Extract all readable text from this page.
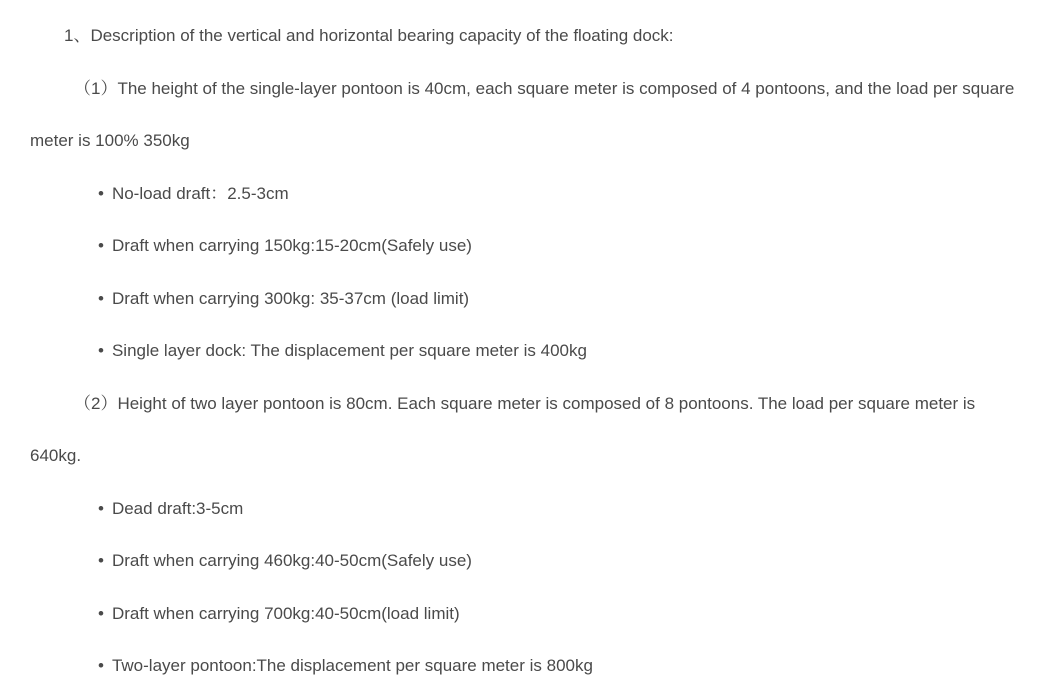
1、Description of the vertical and horizontal bearing capacity of the floating dock:
（1）The height of the single-layer pontoon is 40cm, each square meter is composed of 4 pontoons, and the load per square meter is 100% 350kg
• No-load draft：2.5-3cm
• Draft when carrying 150kg:15-20cm(Safely use)
• Draft when carrying 300kg: 35-37cm (load limit)
• Single layer dock: The displacement per square meter is 400kg
（2）Height of two layer pontoon is 80cm. Each square meter is composed of 8 pontoons. The load per square meter is 640kg.
• Dead draft:3-5cm
• Draft when carrying 460kg:40-50cm(Safely use)
• Draft when carrying 700kg:40-50cm(load limit)
• Two-layer pontoon:The displacement per square meter is 800kg
